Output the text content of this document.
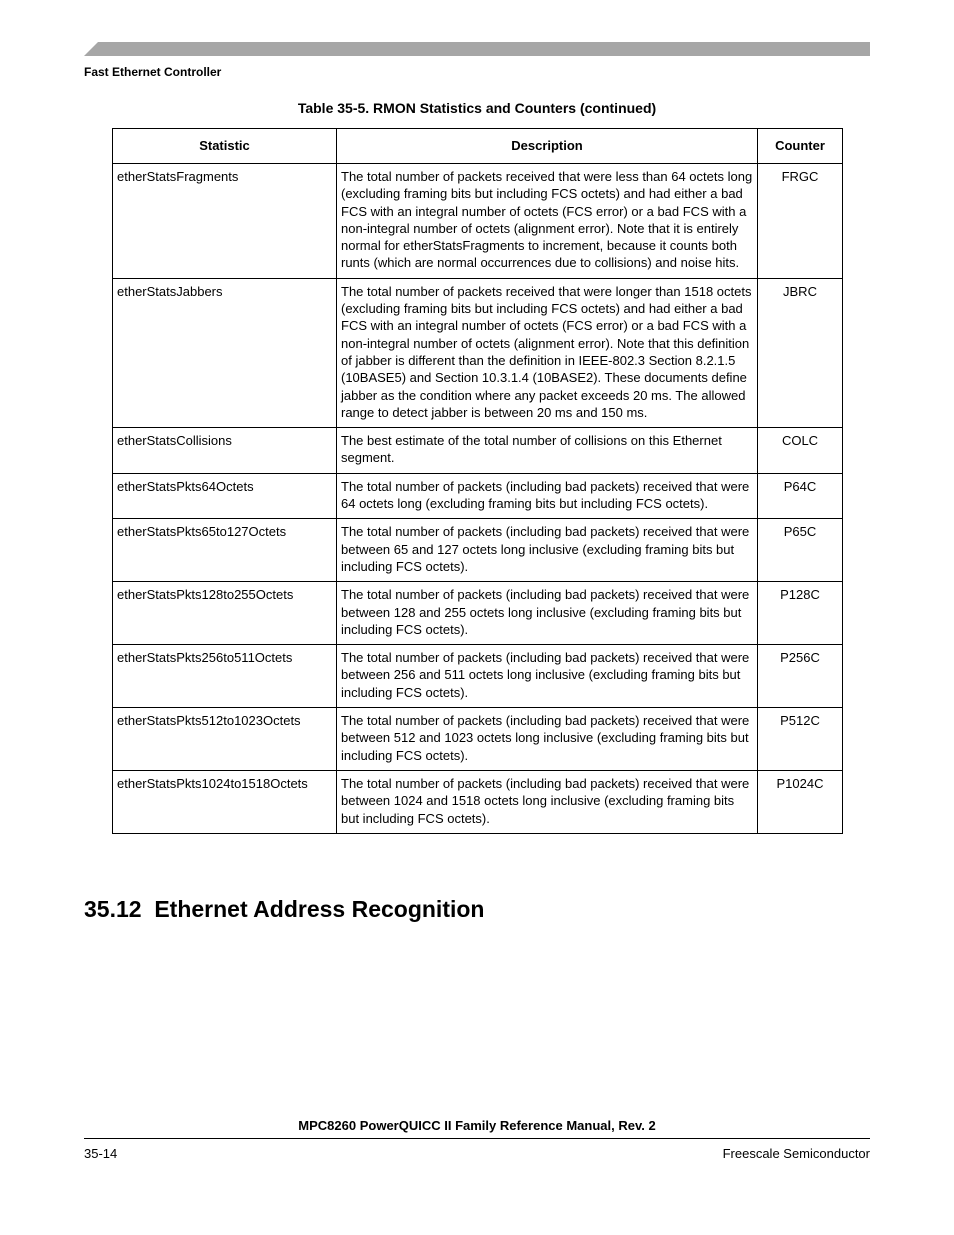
Fast Ethernet Controller
Table 35-5. RMON Statistics and Counters (continued)
Statistic	Description	Counter
etherStatsFragments	The total number of packets received that were less than 64 octets long (excluding framing bits but including FCS octets) and had either a bad FCS with an integral number of octets (FCS error) or a bad FCS with a non-integral number of octets (alignment error). Note that it is entirely normal for etherStatsFragments to increment, because it counts both runts (which are normal occurrences due to collisions) and noise hits.	FRGC
etherStatsJabbers	The total number of packets received that were longer than 1518 octets (excluding framing bits but including FCS octets) and had either a bad FCS with an integral number of octets (FCS error) or a bad FCS with a non-integral number of octets (alignment error). Note that this definition of jabber is different than the definition in IEEE-802.3 Section 8.2.1.5 (10BASE5) and Section 10.3.1.4 (10BASE2). These documents define jabber as the condition where any packet exceeds 20 ms. The allowed range to detect jabber is between 20 ms and 150 ms.	JBRC
etherStatsCollisions	The best estimate of the total number of collisions on this Ethernet segment.	COLC
etherStatsPkts64Octets	The total number of packets (including bad packets) received that were 64 octets long (excluding framing bits but including FCS octets).	P64C
etherStatsPkts65to127Octets	The total number of packets (including bad packets) received that were between 65 and 127 octets long inclusive (excluding framing bits but including FCS octets).	P65C
etherStatsPkts128to255Octets	The total number of packets (including bad packets) received that were between 128 and 255 octets long inclusive (excluding framing bits but including FCS octets).	P128C
etherStatsPkts256to511Octets	The total number of packets (including bad packets) received that were between 256 and 511 octets long inclusive (excluding framing bits but including FCS octets).	P256C
etherStatsPkts512to1023Octets	The total number of packets (including bad packets) received that were between 512 and 1023 octets long inclusive (excluding framing bits but including FCS octets).	P512C
etherStatsPkts1024to1518Octets	The total number of packets (including bad packets) received that were between 1024 and 1518 octets long inclusive (excluding framing bits but including FCS octets).	P1024C
35.12  Ethernet Address Recognition
MPC8260 PowerQUICC II Family Reference Manual, Rev. 2
35-14	Freescale Semiconductor
